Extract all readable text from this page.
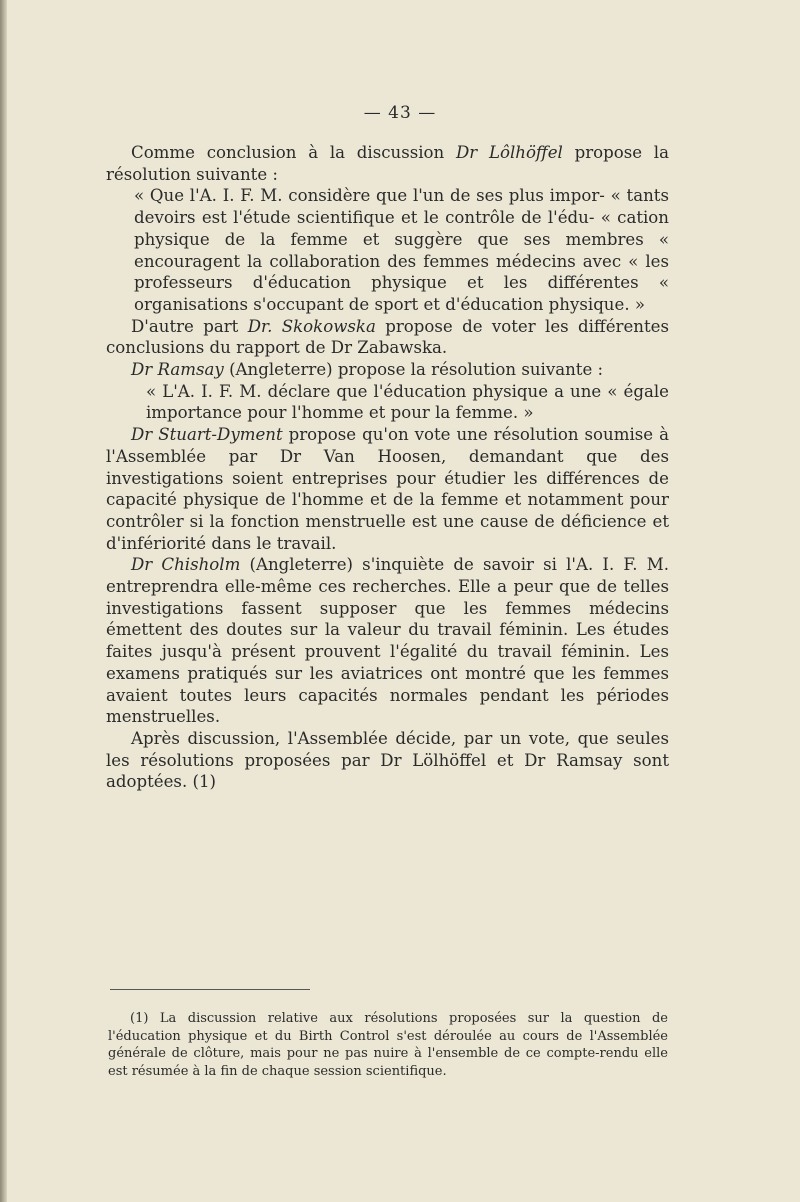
— 43 —

Comme conclusion à la discussion Dr Lôlhöffel propose la résolution suivante :

« Que l'A. I. F. M. considère que l'un de ses plus impor- « tants devoirs est l'étude scientifique et le contrôle de l'édu- « cation physique de la femme et suggère que ses membres « encouragent la collaboration des femmes médecins avec « les professeurs d'éducation physique et les différentes « organisations s'occupant de sport et d'éducation physique. »

D'autre part Dr. Skokowska propose de voter les différentes conclusions du rapport de Dr Zabawska.

Dr Ramsay (Angleterre) propose la résolution suivante :

« L'A. I. F. M. déclare que l'éducation physique a une « égale importance pour l'homme et pour la femme. »

Dr Stuart-Dyment propose qu'on vote une résolution soumise à l'Assemblée par Dr Van Hoosen, demandant que des investigations soient entreprises pour étudier les différences de capacité physique de l'homme et de la femme et notamment pour contrôler si la fonction menstruelle est une cause de déficience et d'infériorité dans le travail.

Dr Chisholm (Angleterre) s'inquiète de savoir si l'A. I. F. M. entreprendra elle-même ces recherches. Elle a peur que de telles investigations fassent supposer que les femmes médecins émettent des doutes sur la valeur du travail féminin. Les études faites jusqu'à présent prouvent l'égalité du travail féminin. Les examens pratiqués sur les aviatrices ont montré que les femmes avaient toutes leurs capacités normales pendant les périodes menstruelles.

Après discussion, l'Assemblée décide, par un vote, que seules les résolutions proposées par Dr Lölhöffel et Dr Ramsay sont adoptées. (1)

(1) La discussion relative aux résolutions proposées sur la question de l'éducation physique et du Birth Control s'est déroulée au cours de l'Assemblée générale de clôture, mais pour ne pas nuire à l'ensemble de ce compte-rendu elle est résumée à la fin de chaque session scientifique.
